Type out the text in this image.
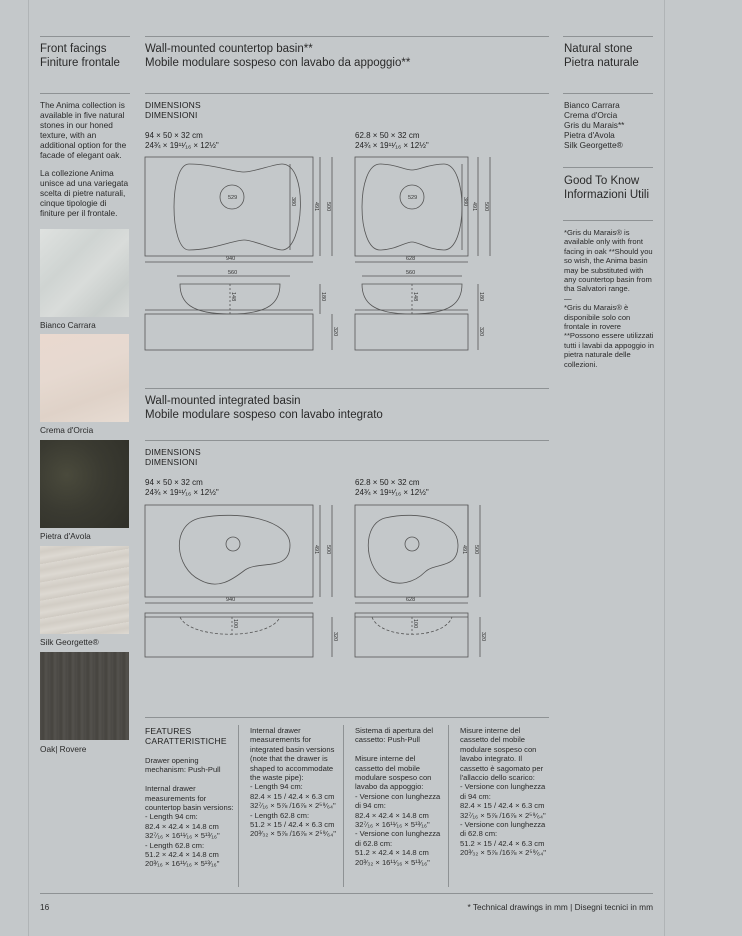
Front facings
Finiture frontale
The Anima collection is available in five natural stones in our honed texture, with an additional option for the facade of elegant oak.
La collezione Anima unisce ad una variegata scelta di pietre naturali, cinque tipologie di finiture per il frontale.
Bianco Carrara
Crema d'Orcia
Pietra d'Avola
Silk Georgette®
Oak| Rovere
Wall-mounted countertop basin**
Mobile modulare sospeso con lavabo da appoggio**
DIMENSIONS
DIMENSIONI
94 × 50 × 32 cm
24¾ × 19¹¹⁄₁₆ × 12½"
62.8 × 50 × 32 cm
24¾ × 19¹¹⁄₁₆ × 12½"
529
940
560
380
491 500
148	180
320
529
628
560
380
491 500
148	180
320
Wall-mounted integrated basin
Mobile modulare sospeso con lavabo integrato
DIMENSIONS
DIMENSIONI
94 × 50 × 32 cm
24¾ × 19¹¹⁄₁₆ × 12½"
62.8 × 50 × 32 cm
24¾ × 19¹¹⁄₁₆ × 12½"
940
491 500
100
320
628
491 500
100
320
FEATURES
CARATTERISTICHE
Drawer opening mechanism: Push-Pull

Internal drawer measurements for countertop basin versions:
- Length 94 cm:
82.4 × 42.4 × 14.8 cm
32⁷⁄₁₆ × 16¹¹⁄₁₆ × 5¹³⁄₁₆"
- Length 62.8 cm:
51.2 × 42.4 × 14.8 cm
20³⁄₁₆ × 16¹¹⁄₁₆ × 5¹³⁄₁₆"
Internal drawer measurements for integrated basin versions (note that the drawer is shaped to accommodate the waste pipe):
- Length 94 cm:
82.4 × 15 / 42.4 × 6.3 cm
32⁷⁄₁₆ × 5⅞ /16⅞ × 2⁵⁹⁄₆₄"
- Length 62.8 cm:
51.2 × 15 / 42.4 × 6.3 cm
20³⁄₃₂ × 5⅞ /16⅞ × 2⁵⁹⁄₆₄"
Sistema di apertura del cassetto: Push-Pull

Misure interne del cassetto del mobile modulare sospeso con lavabo da appoggio:
- Versione con lunghezza di 94 cm:
82.4 × 42.4 × 14.8 cm
32⁷⁄₁₆ × 16¹¹⁄₁₆ × 5¹³⁄₁₆"
- Versione con lunghezza di 62.8 cm:
51.2 × 42.4 × 14.8 cm
20³⁄₃₂ × 16¹¹⁄₁₆ × 5¹³⁄₁₆"
Misure interne del cassetto del mobile modulare sospeso con lavabo integrato. Il cassetto è sagomato per l'allaccio dello scarico:
- Versione con lunghezza di 94 cm:
82.4 × 15 / 42.4 × 6.3 cm
32⁷⁄₁₆ × 5⅞ /16⅞ × 2⁵⁹⁄₆₄"
- Versione con lunghezza di 62.8 cm:
51.2 × 15 / 42.4 × 6.3 cm
20³⁄₃₂ × 5⅞ /16⅞ × 2⁵⁹⁄₆₄"
Natural stone
Pietra naturale
Bianco Carrara
Crema d'Orcia
Gris du Marais**
Pietra d'Avola
Silk Georgette®
Good To Know
Informazioni Utili
*Gris du Marais® is available only with front facing in oak **Should you so wish, the Anima basin may be substituted with any countertop basin from tha Salvatori range.
—
*Gris du Marais® è disponibile solo con frontale in rovere **Possono essere utilizzati tutti i lavabi da appoggio in pietra naturale delle collezioni.
16	* Technical drawings in mm | Disegni tecnici in mm
